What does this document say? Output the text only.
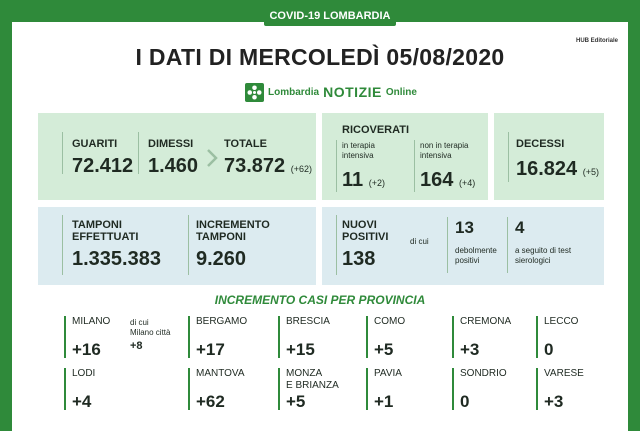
COVID-19 LOMBARDIA
HUB Editoriale
I DATI DI MERCOLEDÌ 05/08/2020
Lombardia NOTIZIE Online
GUARITI
72.412
DIMESSI
1.460
TOTALE
73.872 (+62)
RICOVERATI
in terapia intensiva
11 (+2)
non in terapia intensiva
164 (+4)
DECESSI
16.824 (+5)
TAMPONI
EFFETTUATI
1.335.383
INCREMENTO
TAMPONI
9.260
NUOVI
POSITIVI
138
di cui
13
debolmente
positivi
4
a seguito di test
sierologici
INCREMENTO CASI PER PROVINCIA
MILANO
+16
BERGAMO
+17
BRESCIA
+15
COMO
+5
CREMONA
+3
LECCO
0
LODI
+4
MANTOVA
+62
MONZA
E BRIANZA
+5
PAVIA
+1
SONDRIO
0
VARESE
+3
di cui
Milano città
+8
